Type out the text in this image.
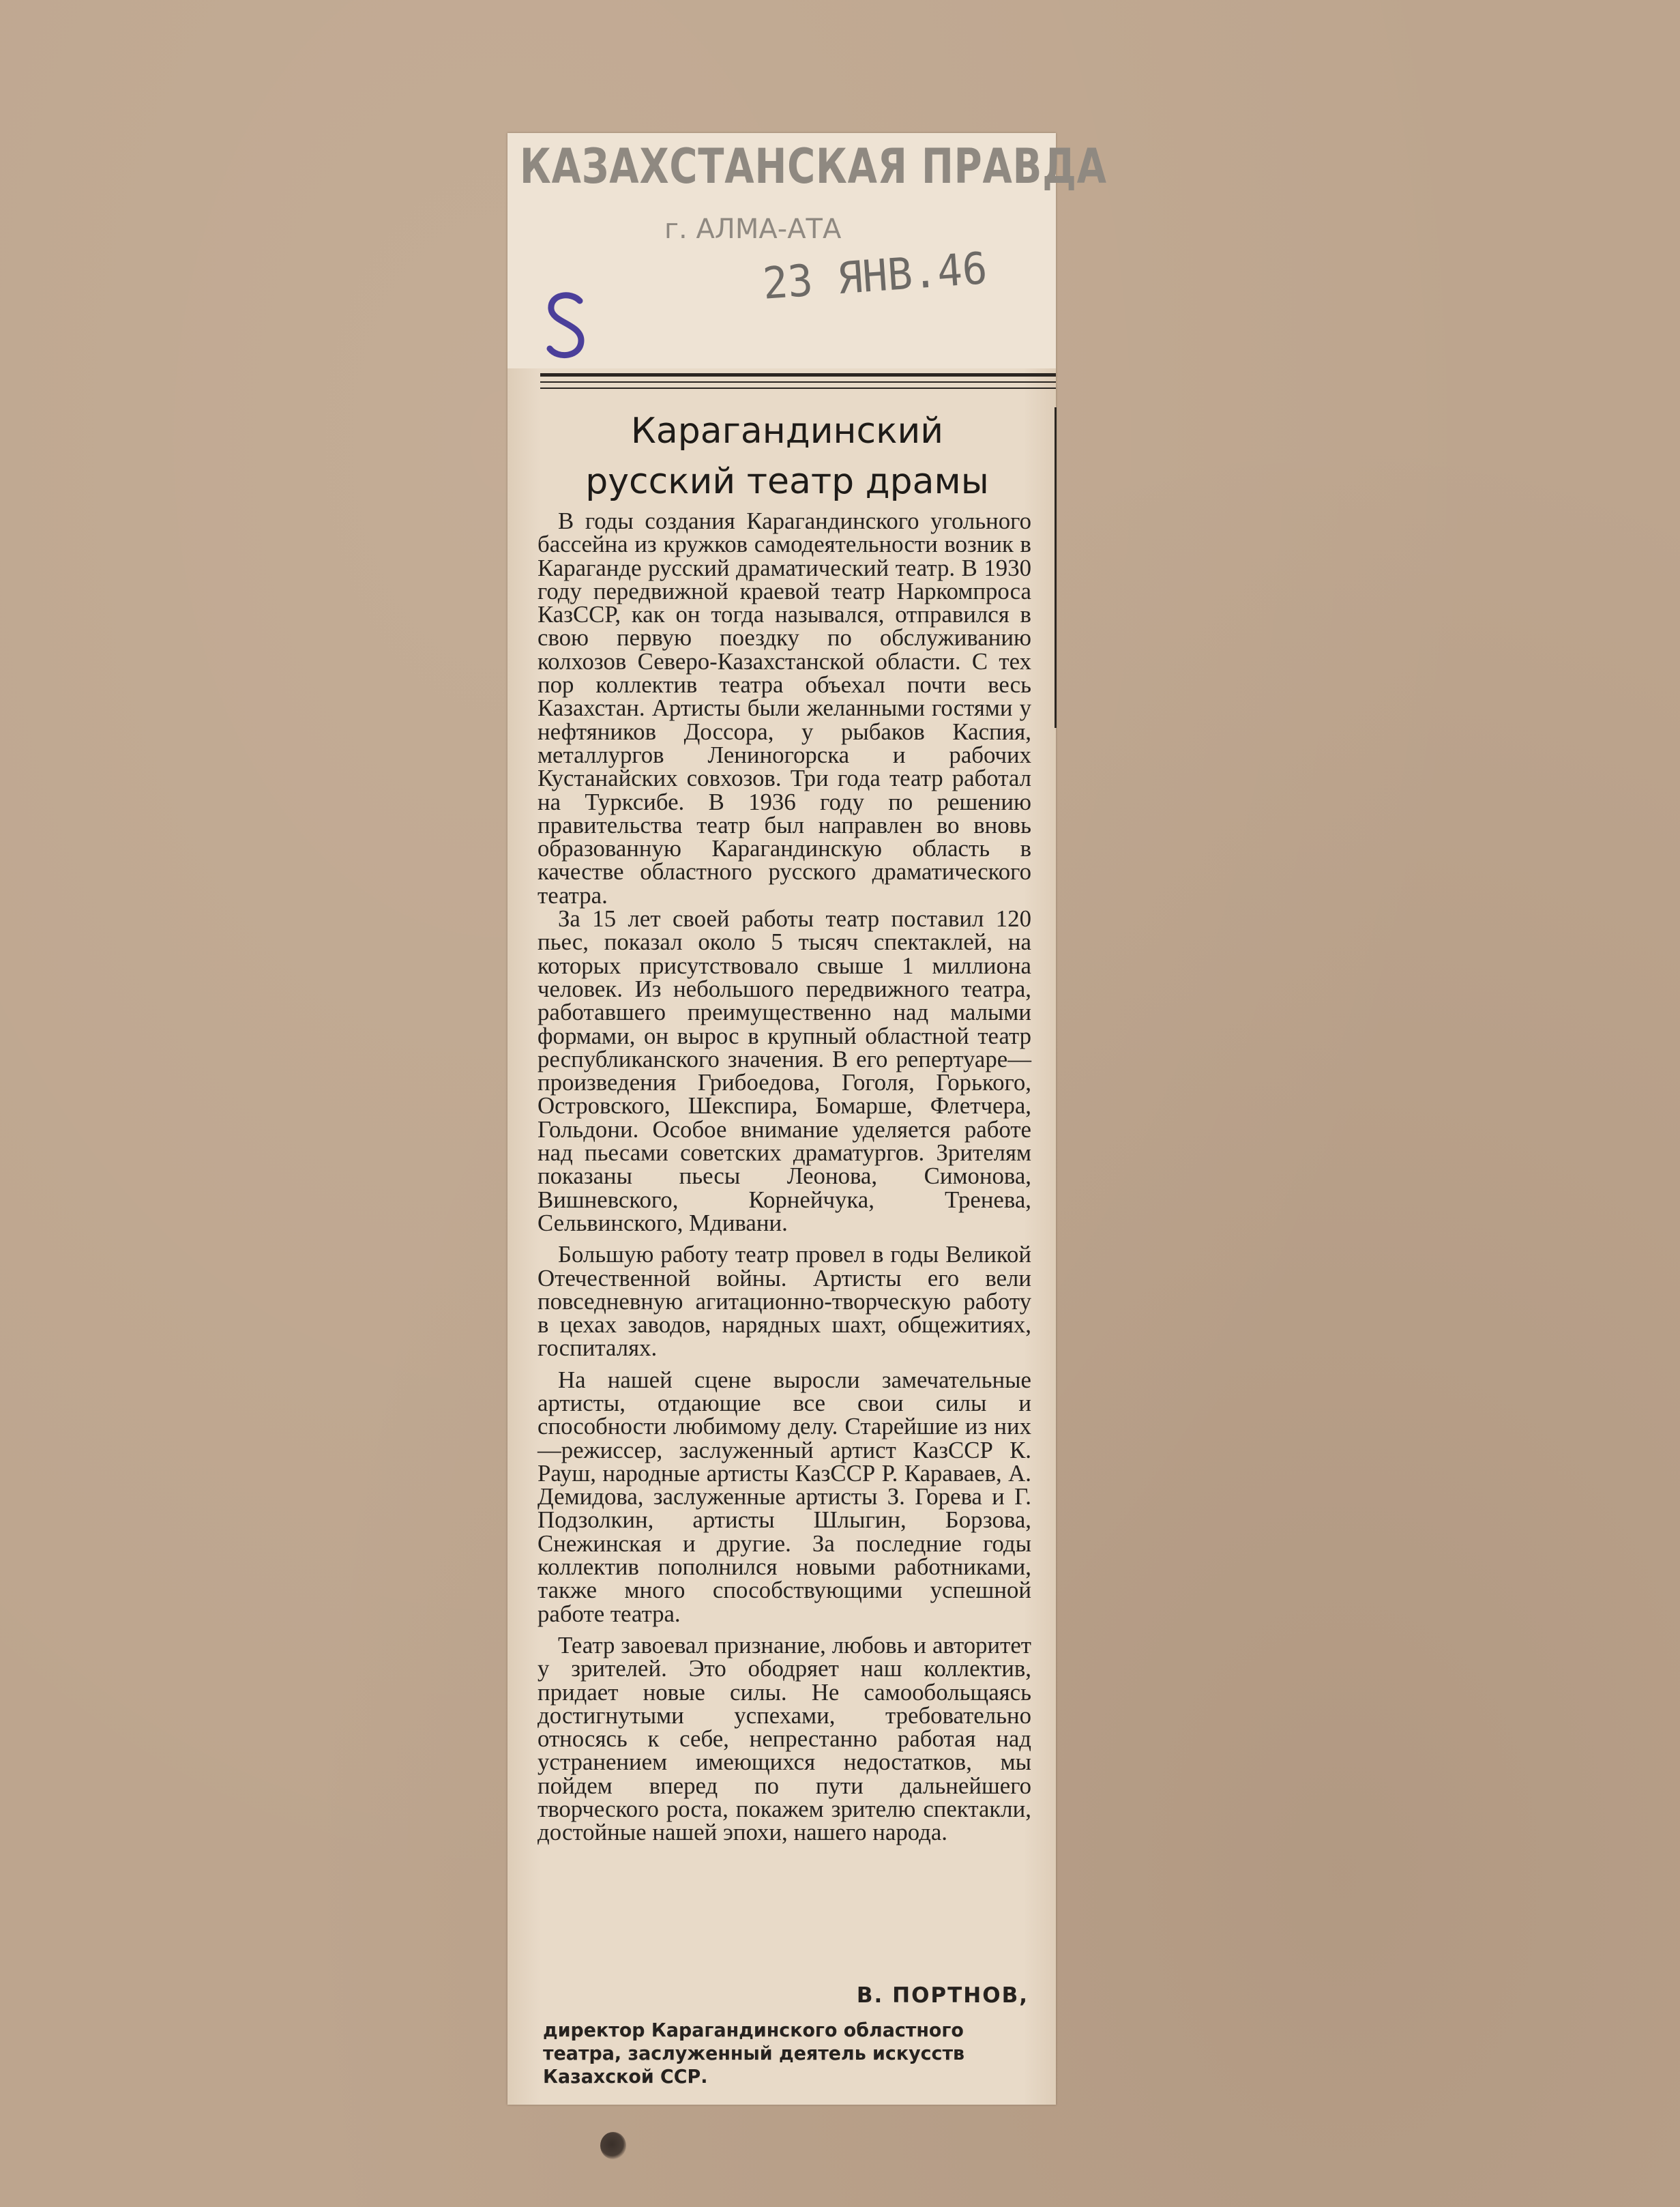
КАЗАХСТАНСКАЯ ПРАВДА
г. АЛМА-АТА
23 ЯНВ.46
Карагандинский
русский театр драмы

В годы создания Карагандинского угольного бассейна из кружков самодеятельности возник в Караганде русский драматический театр. В 1930 году передвижной краевой театр Наркомпроса КазССР, как он тогда назывался, отправился в свою первую поездку по обслуживанию колхозов Северо-Казахстанской области. С тех пор коллектив театра объехал почти весь Казахстан. Артисты были желанными гостями у нефтяников Доссора, у рыбаков Каспия, металлургов Лениногорска и рабочих Кустанайских совхозов. Три года театр работал на Турксибе. В 1936 году по решению правительства театр был направлен во вновь образованную Карагандинскую область в качестве областного русского драматического театра.

За 15 лет своей работы театр поставил 120 пьес, показал около 5 тысяч спектаклей, на которых присутствовало свыше 1 миллиона человек. Из небольшого передвижного театра, работавшего преимущественно над малыми формами, он вырос в крупный областной театр республиканского значения. В его репертуаре—произведения Грибоедова, Гоголя, Горького, Островского, Шекспира, Бомарше, Флетчера, Гольдони. Особое внимание уделяется работе над пьесами советских драматургов. Зрителям показаны пьесы Леонова, Симонова, Вишневского, Корнейчука, Тренева, Сельвинского, Мдивани.

Большую работу театр провел в годы Великой Отечественной войны. Артисты его вели повседневную агитационно-творческую работу в цехах заводов, нарядных шахт, общежитиях, госпиталях.

На нашей сцене выросли замечательные артисты, отдающие все свои силы и способности любимому делу. Старейшие из них—режиссер, заслуженный артист КазССР К. Рауш, народные артисты КазССР Р. Караваев, А. Демидова, заслуженные артисты З. Горева и Г. Подзолкин, артисты Шлыгин, Борзова, Снежинская и другие. За последние годы коллектив пополнился новыми работниками, также много способствующими успешной работе театра.

Театр завоевал признание, любовь и авторитет у зрителей. Это ободряет наш коллектив, придает новые силы. Не самообольщаясь достигнутыми успехами, требовательно относясь к себе, непрестанно работая над устранением имеющихся недостатков, мы пойдем вперед по пути дальнейшего творческого роста, покажем зрителю спектакли, достойные нашей эпохи, нашего народа.

В. ПОРТНОВ,
директор Карагандинского областного
театра, заслуженный деятель искусств
Казахской ССР.
